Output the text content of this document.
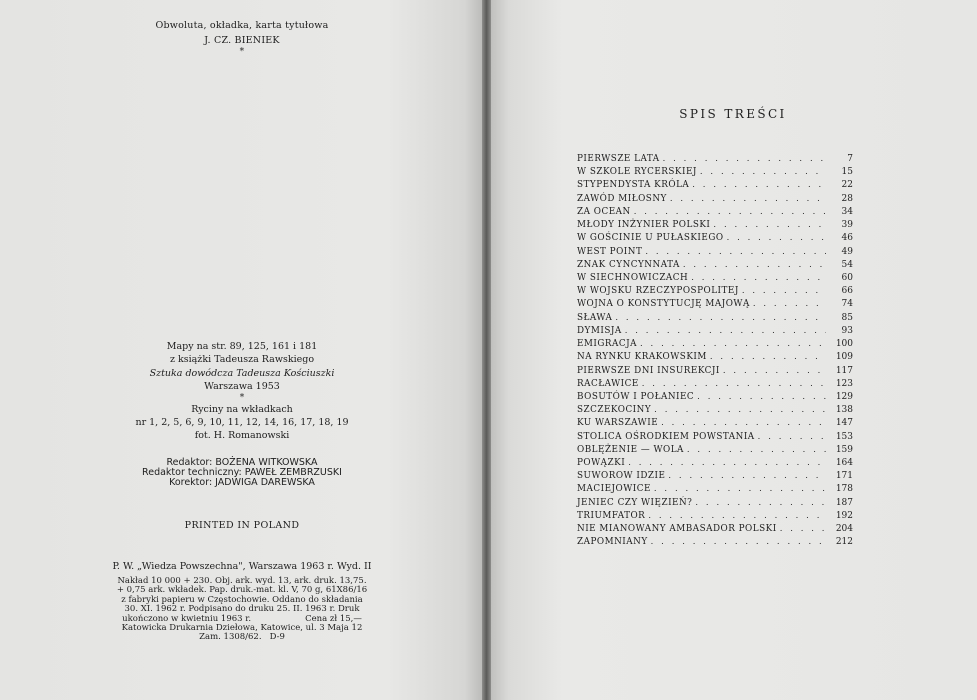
Obwoluta, okładka, karta tytułowa
J. CZ. BIENIEK
*
Mapy na str. 89, 125, 161 i 181
z książki Tadeusza Rawskiego
Sztuka dowódcza Tadeusza Kościuszki
Warszawa 1953
*
Ryciny na wkładkach
nr 1, 2, 5, 6, 9, 10, 11, 12, 14, 16, 17, 18, 19
fot. H. Romanowski
Redaktor: BOŻENA WITKOWSKA
Redaktor techniczny: PAWEŁ ZEMBRZUSKI
Korektor: JADWIGA DAREWSKA
PRINTED IN POLAND
P. W. „Wiedza Powszechna", Warszawa 1963 r. Wyd. II
Nakład 10 000 + 230. Obj. ark. wyd. 13, ark. druk. 13,75.
+ 0,75 ark. wkładek. Pap. druk.-mat. kl. V, 70 g, 61X86/16
z fabryki papieru w Częstochowie. Oddano do składania
30. XI. 1962 r. Podpisano do druku 25. II. 1963 r. Druk
ukończono w kwietniu 1963 r.                    Cena zł 15,—
Katowicka Drukarnia Dziełowa, Katowice, ul. 3 Maja 12
Zam. 1308/62.   D-9
SPIS TREŚCI
PIERWSZE LATA . . .	7
W SZKOLE RYCERSKIEJ . . .	15
STYPENDYSTA KRÓLA . . .	22
ZAWÓD MIŁOSNY . . .	28
ZA OCEAN . . .	34
MŁODY INŻYNIER POLSKI . . .	39
W GOŚCINIE U PUŁASKIEGO . . .	46
WEST POINT . . .	49
ZNAK CYNCYNNATA . . .	54
W SIECHNOWICZACH . . .	60
W WOJSKU RZECZYPOSPOLITEJ . . .	66
WOJNA O KONSTYTUCJĘ MAJOWĄ . . .	74
SŁAWA . . .	85
DYMISJA . . .	93
EMIGRACJA . . .	100
NA RYNKU KRAKOWSKIM . . .	109
PIERWSZE DNI INSUREKCJI . . .	117
RACŁAWICE . . .	123
BOSUTÓW I POŁANIEC . . .	129
SZCZEKOCINY . . .	138
KU WARSZAWIE . . .	147
STOLICA OŚRODKIEM POWSTANIA . . .	153
OBLĘŻENIE — WOLA . . .	159
POWĄZKI . . .	164
SUWOROW IDZIE . . .	171
MACIEJOWICE . . .	178
JENIEC CZY WIĘZIEŃ? . . .	187
TRIUMFATOR . . .	192
NIE MIANOWANY AMBASADOR POLSKI . . .	204
ZAPOMNIANY . . .	212
